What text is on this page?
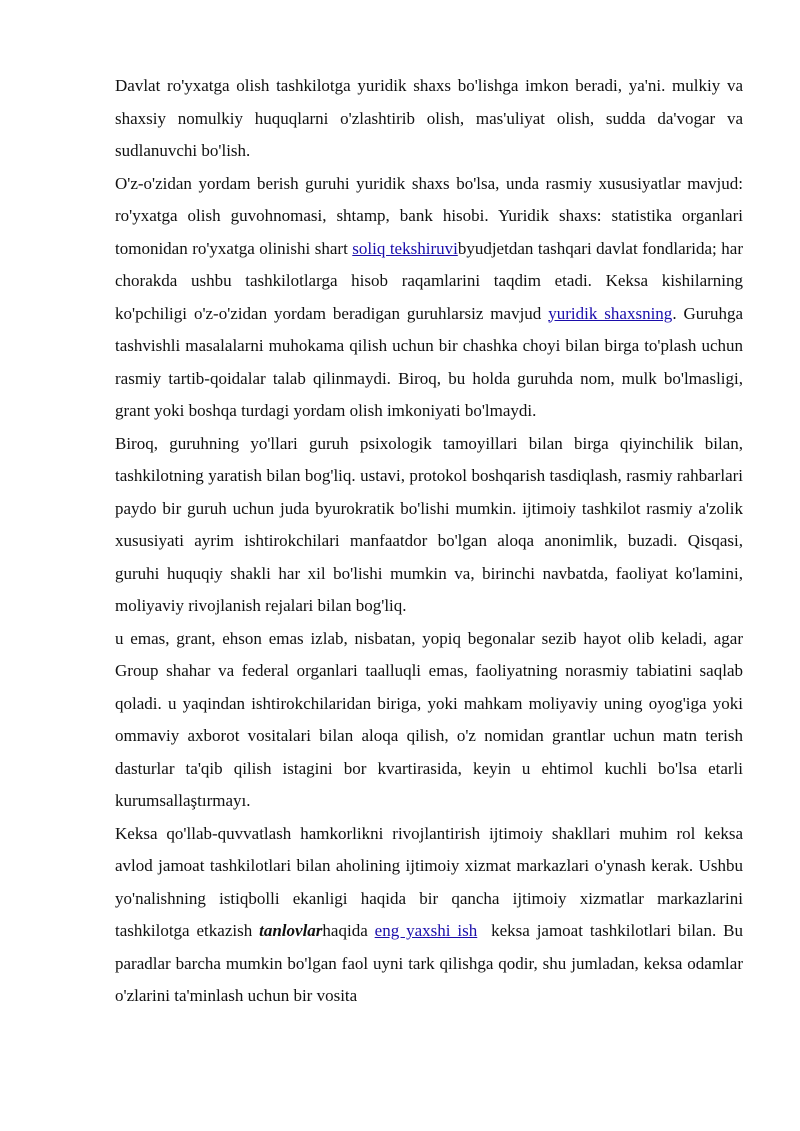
Davlat ro'yxatga olish tashkilotga yuridik shaxs bo'lishga imkon beradi, ya'ni. mulkiy va shaxsiy nomulkiy huquqlarni o'zlashtirib olish, mas'uliyat olish, sudda da'vogar va sudlanuvchi bo'lish.

O'z-o'zidan yordam berish guruhi yuridik shaxs bo'lsa, unda rasmiy xususiyatlar mavjud: ro'yxatga olish guvohnomasi, shtamp, bank hisobi. Yuridik shaxs: statistika organlari tomonidan ro'yxatga olinishi shart soliq tekshiruvibyudjetdan tashqari davlat fondlarida; har chorakda ushbu tashkilotlarga hisob raqamlarini taqdim etadi. Keksa kishilarning ko'pchiligi o'z-o'zidan yordam beradigan guruhlarsiz mavjud yuridik shaxsning. Guruhga tashvishli masalalarni muhokama qilish uchun bir chashka choyi bilan birga to'plash uchun rasmiy tartib-qoidalar talab qilinmaydi. Biroq, bu holda guruhda nom, mulk bo'lmasligi, grant yoki boshqa turdagi yordam olish imkoniyati bo'lmaydi.

Biroq, guruhning yo'llari guruh psixologik tamoyillari bilan birga qiyinchilik bilan, tashkilotning yaratish bilan bog'liq. ustavi, protokol boshqarish tasdiqlash, rasmiy rahbarlari paydo bir guruh uchun juda byurokratik bo'lishi mumkin. ijtimoiy tashkilot rasmiy a'zolik xususiyati ayrim ishtirokchilari manfaatdor bo'lgan aloqa anonimlik, buzadi. Qisqasi, guruhi huquqiy shakli har xil bo'lishi mumkin va, birinchi navbatda, faoliyat ko'lamini, moliyaviy rivojlanish rejalari bilan bog'liq.

u emas, grant, ehson emas izlab, nisbatan, yopiq begonalar sezib hayot olib keladi, agar Group shahar va federal organlari taalluqli emas, faoliyatning norasmiy tabiatini saqlab qoladi. u yaqindan ishtirokchilaridan biriga, yoki mahkam moliyaviy uning oyog'iga yoki ommaviy axborot vositalari bilan aloqa qilish, o'z nomidan grantlar uchun matn terish dasturlar ta'qib qilish istagini bor kvartirasida, keyin u ehtimol kuchli bo'lsa etarli kurumsallaştırmayı.

Keksa qo'llab-quvvatlash hamkorlikni rivojlantirish ijtimoiy shakllari muhim rol keksa avlod jamoat tashkilotlari bilan aholining ijtimoiy xizmat markazlari o'ynash kerak. Ushbu yo'nalishning istiqbolli ekanligi haqida bir qancha ijtimoiy xizmatlar markazlarini tashkilotga etkazish tanlovlarhaqida eng yaxshi ish  keksa jamoat tashkilotlari bilan. Bu paradlar barcha mumkin bo'lgan faol uyni tark qilishga qodir, shu jumladan, keksa odamlar o'zlarini ta'minlash uchun bir vosita
